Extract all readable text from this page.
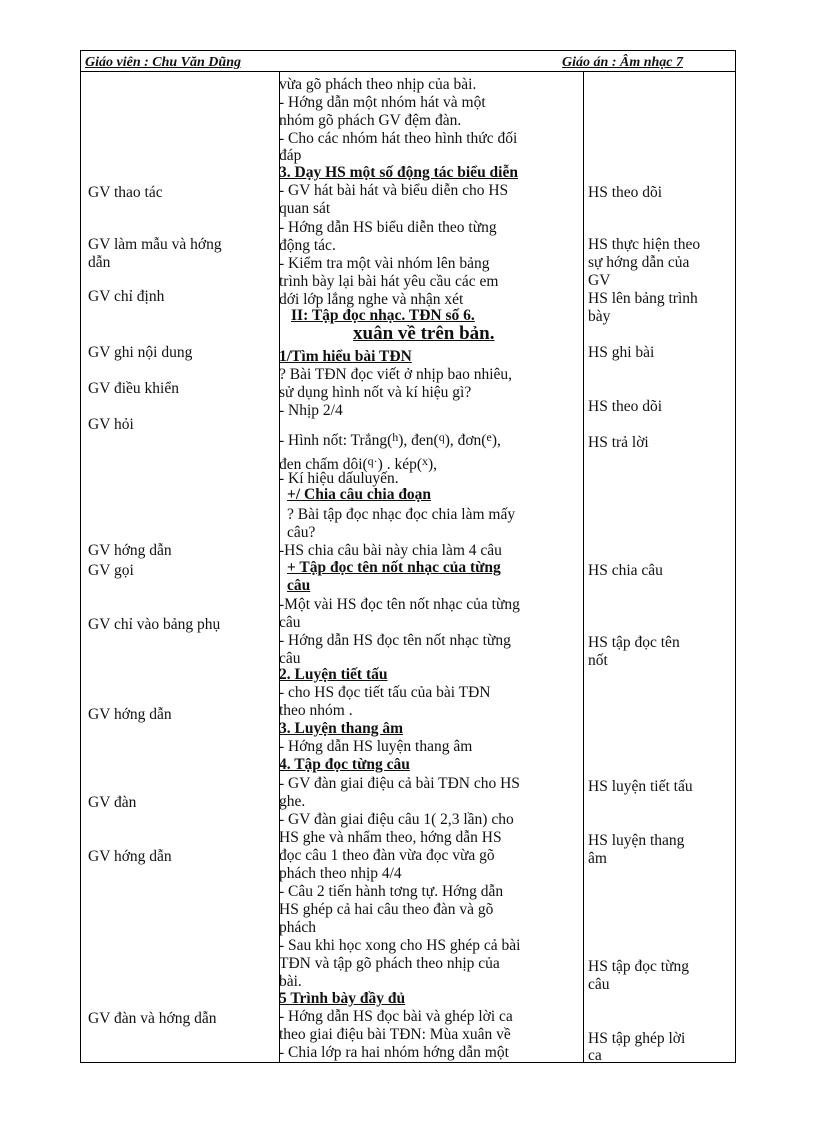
Giáo viên : Chu Văn Dũng	Giáo án : Âm nhạc 7
GV thao tác
GV làm mẫu và hớng
dẫn
GV chỉ định
GV ghi nội dung
GV điều khiển
GV hỏi
GV hớng dẫn
GV gọi
GV chỉ vào bảng phụ
GV hớng dẫn
GV đàn
GV hớng dẫn
GV đàn và hớng dẫn
vừa gõ phách theo nhịp của bài.
- Hớng dẫn một nhóm hát và một
nhóm gõ phách GV đệm đàn.
- Cho các nhóm hát theo hình thức đối
đáp
3. Dạy HS một số động tác biểu diễn
- GV hát bài hát và biểu diễn cho HS
quan sát
- Hớng dẫn HS biểu diễn theo từng
động tác.
- Kiểm tra một vài nhóm lên bảng
trình bày lại bài hát yêu cầu các em
dới lớp lắng nghe và nhận xét
II: Tập đọc nhạc. TĐN số 6.
xuân về trên bản.
1/Tìm hiểu bài TĐN
? Bài TĐN đọc viết ở nhịp bao nhiêu,
sử dụng hình nốt và kí hiệu gì?
- Nhịp 2/4
- Hình nốt: Trắng($^h$), đen($^q$), đơn($^e$),
đen chấm dôi($^{q\cdot}$) . kép($^x$),
- Kí hiệu dấuluyến.
+/ Chia câu chia đoạn
? Bài tập đọc nhạc đọc chia làm mấy
câu?
-HS chia câu bài này chia làm 4 câu
+ Tập đọc tên nốt nhạc của từng
câu
-Một vài HS đọc tên nốt nhạc của từng
câu
- Hớng dẫn HS đọc tên nốt nhạc từng
câu
2. Luyện tiết tấu
- cho HS đọc tiết tấu của bài TĐN
theo nhóm .
3. Luyện thang âm
- Hớng dẫn HS luyện thang âm
4. Tập đọc từng câu
- GV đàn giai điệu cả bài TĐN cho HS
ghe.
- GV đàn giai điệu câu 1( 2,3 lần) cho
HS ghe và nhẩm theo, hớng dẫn HS
đọc câu 1 theo đàn vừa đọc vừa gõ
phách theo nhịp 4/4
- Câu 2 tiến hành tơng tự. Hớng dẫn
HS ghép cả hai câu theo đàn và gõ
phách
- Sau khi học xong cho HS ghép cả bài
TĐN và tập gõ phách theo nhịp của
bài.
5 Trình bày đầy đủ
- Hớng dẫn HS đọc bài và ghép lời ca
theo giai điệu bài TĐN: Mùa xuân về
- Chia lớp ra hai nhóm hớng dẫn một
HS theo dõi
HS thực hiện theo
sự hớng dẫn của
GV
HS lên bảng trình
bày
HS ghi bài
HS theo dõi
HS trả lời
HS chia câu
HS tập đọc tên
nốt
HS luyện tiết tấu
HS luyện thang
âm
HS tập đọc từng
câu
HS tập ghép lời
ca
